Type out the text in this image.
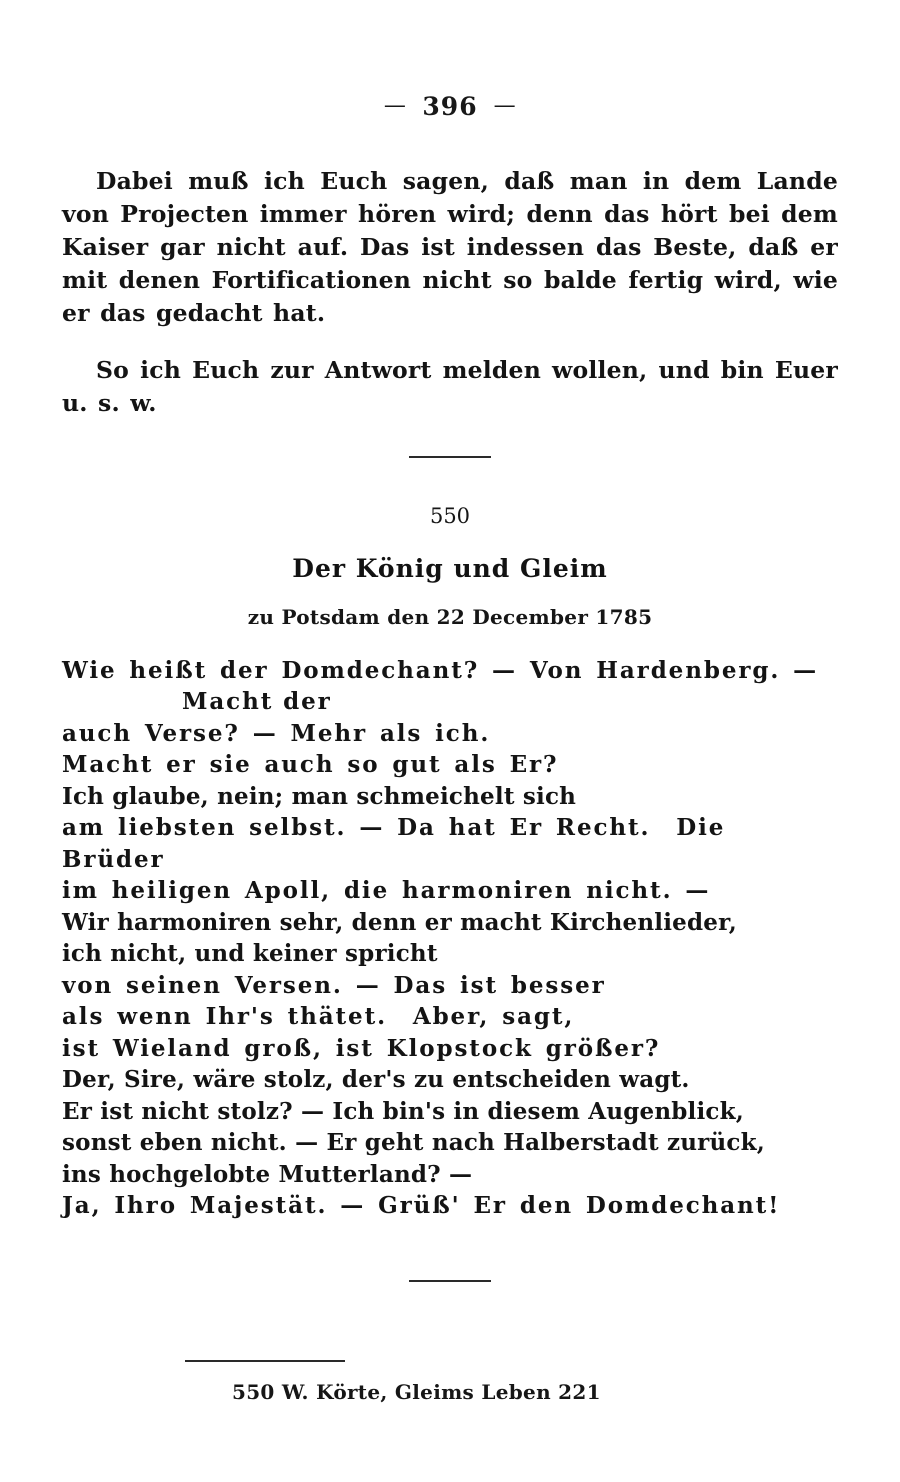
— 396 —

Dabei muß ich Euch sagen, daß man in dem Lande von Projecten immer hören wird; denn das hört bei dem Kaiser gar nicht auf. Das ist indessen das Beste, daß er mit denen Fortificationen nicht so balde fertig wird, wie er das gedacht hat.

So ich Euch zur Antwort melden wollen, und bin Euer u. s. w.

550
Der König und Gleim
zu Potsdam den 22 December 1785
Wie heißt der Domdechant? — Von Hardenberg. —
Macht der
auch Verse? — Mehr als ich.
Macht er sie auch so gut als Er?
Ich glaube, nein; man schmeichelt sich
am liebsten selbst. — Da hat Er Recht.  Die Brüder
im heiligen Apoll, die harmoniren nicht. —
Wir harmoniren sehr, denn er macht Kirchenlieder,
ich nicht, und keiner spricht
von seinen Versen. — Das ist besser
als wenn Ihr's thätet.  Aber, sagt,
ist Wieland groß, ist Klopstock größer?
Der, Sire, wäre stolz, der's zu entscheiden wagt.
Er ist nicht stolz? — Ich bin's in diesem Augenblick,
sonst eben nicht. — Er geht nach Halberstadt zurück,
ins hochgelobte Mutterland? —
Ja, Ihro Majestät. — Grüß' Er den Domdechant!
550 W. Körte, Gleims Leben 221
